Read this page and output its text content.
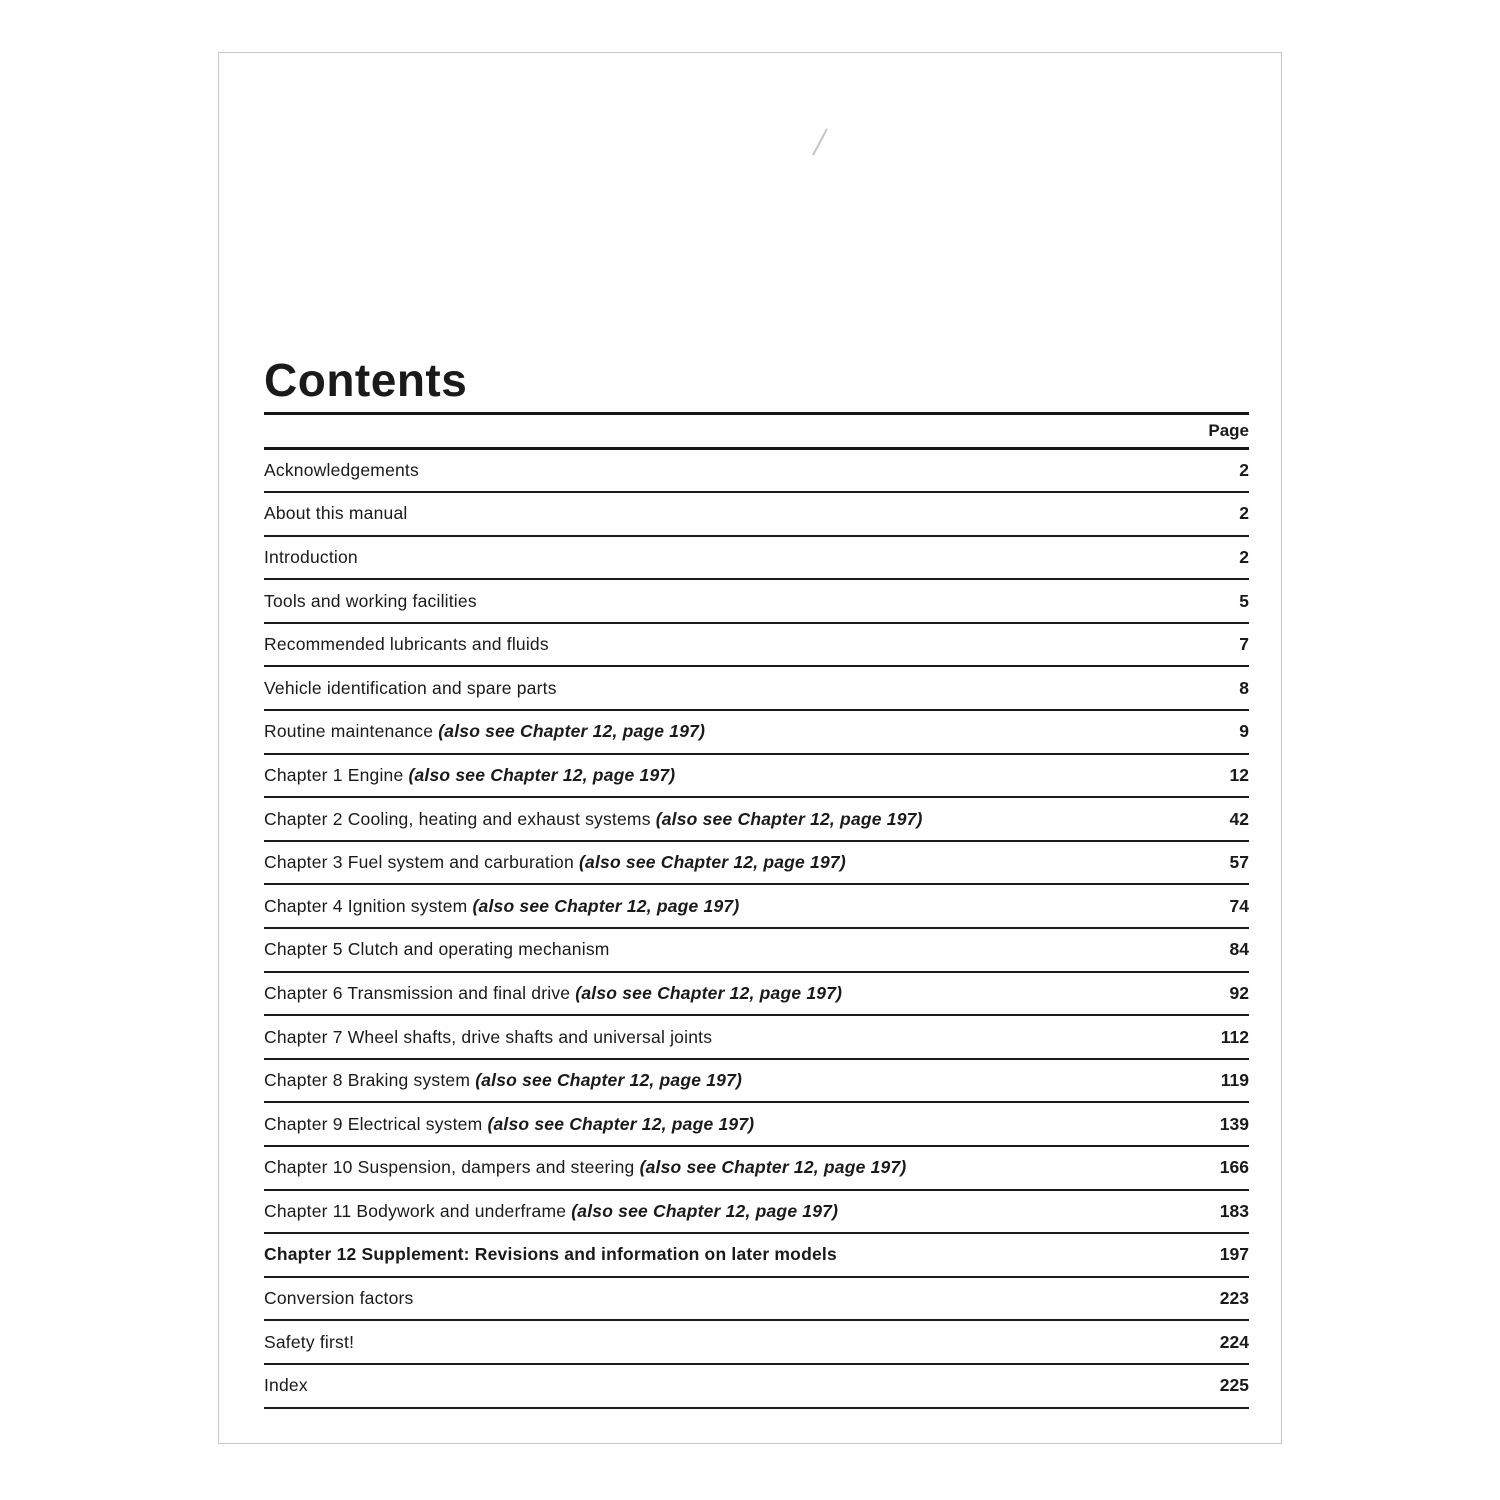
Contents
Page
Acknowledgements	2
About this manual	2
Introduction	2
Tools and working facilities	5
Recommended lubricants and fluids	7
Vehicle identification and spare parts	8
Routine maintenance (also see Chapter 12, page 197)	9
Chapter 1 Engine (also see Chapter 12, page 197)	12
Chapter 2 Cooling, heating and exhaust systems (also see Chapter 12, page 197)	42
Chapter 3 Fuel system and carburation (also see Chapter 12, page 197)	57
Chapter 4 Ignition system (also see Chapter 12, page 197)	74
Chapter 5 Clutch and operating mechanism	84
Chapter 6 Transmission and final drive (also see Chapter 12, page 197)	92
Chapter 7 Wheel shafts, drive shafts and universal joints	112
Chapter 8 Braking system (also see Chapter 12, page 197)	119
Chapter 9 Electrical system (also see Chapter 12, page 197)	139
Chapter 10 Suspension, dampers and steering (also see Chapter 12, page 197)	166
Chapter 11 Bodywork and underframe (also see Chapter 12, page 197)	183
Chapter 12 Supplement: Revisions and information on later models	197
Conversion factors	223
Safety first!	224
Index	225
